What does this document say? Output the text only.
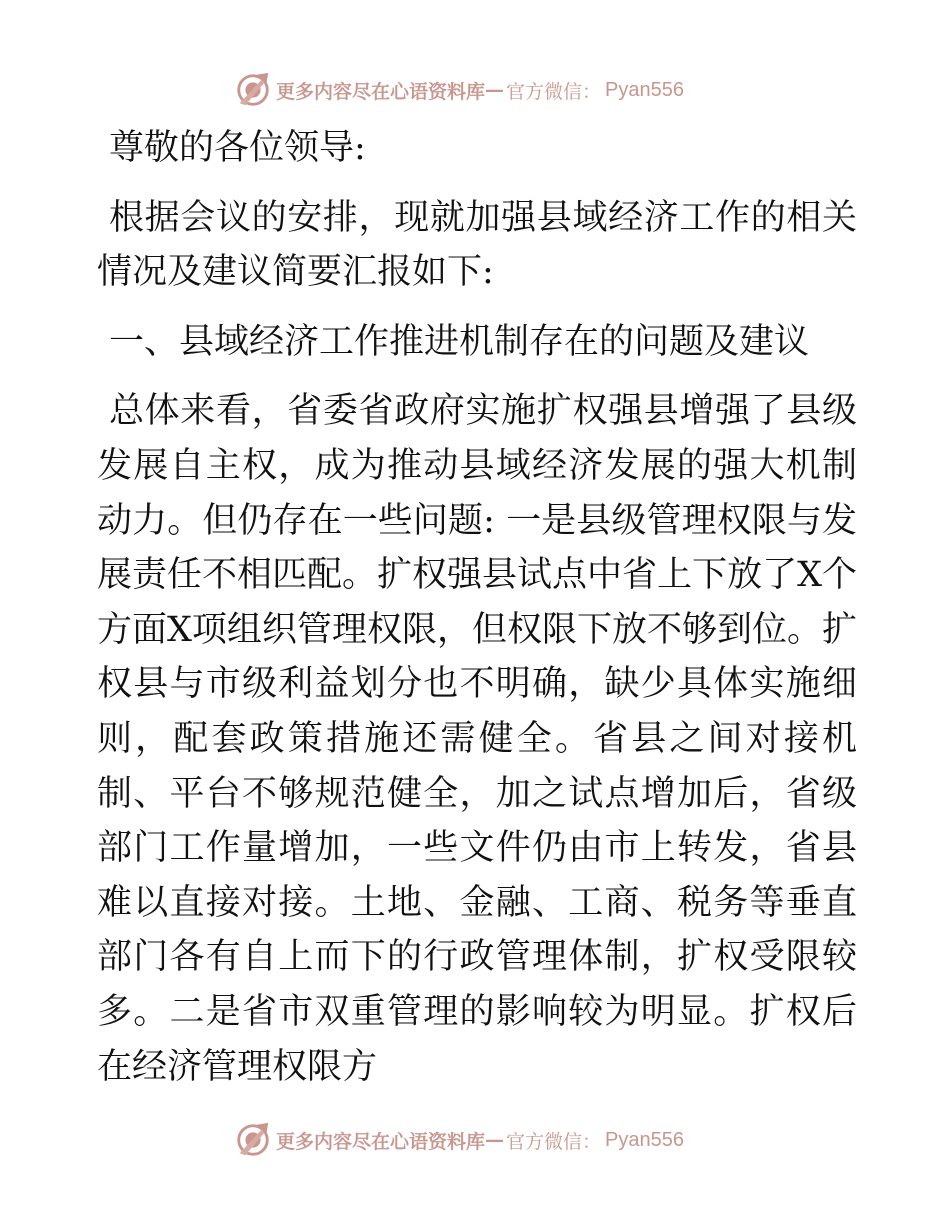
更多内容尽在心语资料库 — 官方微信： Pyan556

尊敬的各位领导:

根据会议的安排，现就加强县域经济工作的相关情况及建议简要汇报如下:

一、县域经济工作推进机制存在的问题及建议

总体来看，省委省政府实施扩权强县增强了县级发展自主权，成为推动县域经济发展的强大机制动力。但仍存在一些问题: 一是县级管理权限与发展责任不相匹配。扩权强县试点中省上下放了X个方面X项组织管理权限，但权限下放不够到位。扩权县与市级利益划分也不明确，缺少具体实施细则，配套政策措施还需健全。省县之间对接机制、平台不够规范健全，加之试点增加后，省级部门工作量增加，一些文件仍由市上转发，省县难以直接对接。土地、金融、工商、税务等垂直部门各有自上而下的行政管理体制，扩权受限较多。二是省市双重管理的影响较为明显。扩权后在经济管理权限方

更多内容尽在心语资料库 — 官方微信： Pyan556
